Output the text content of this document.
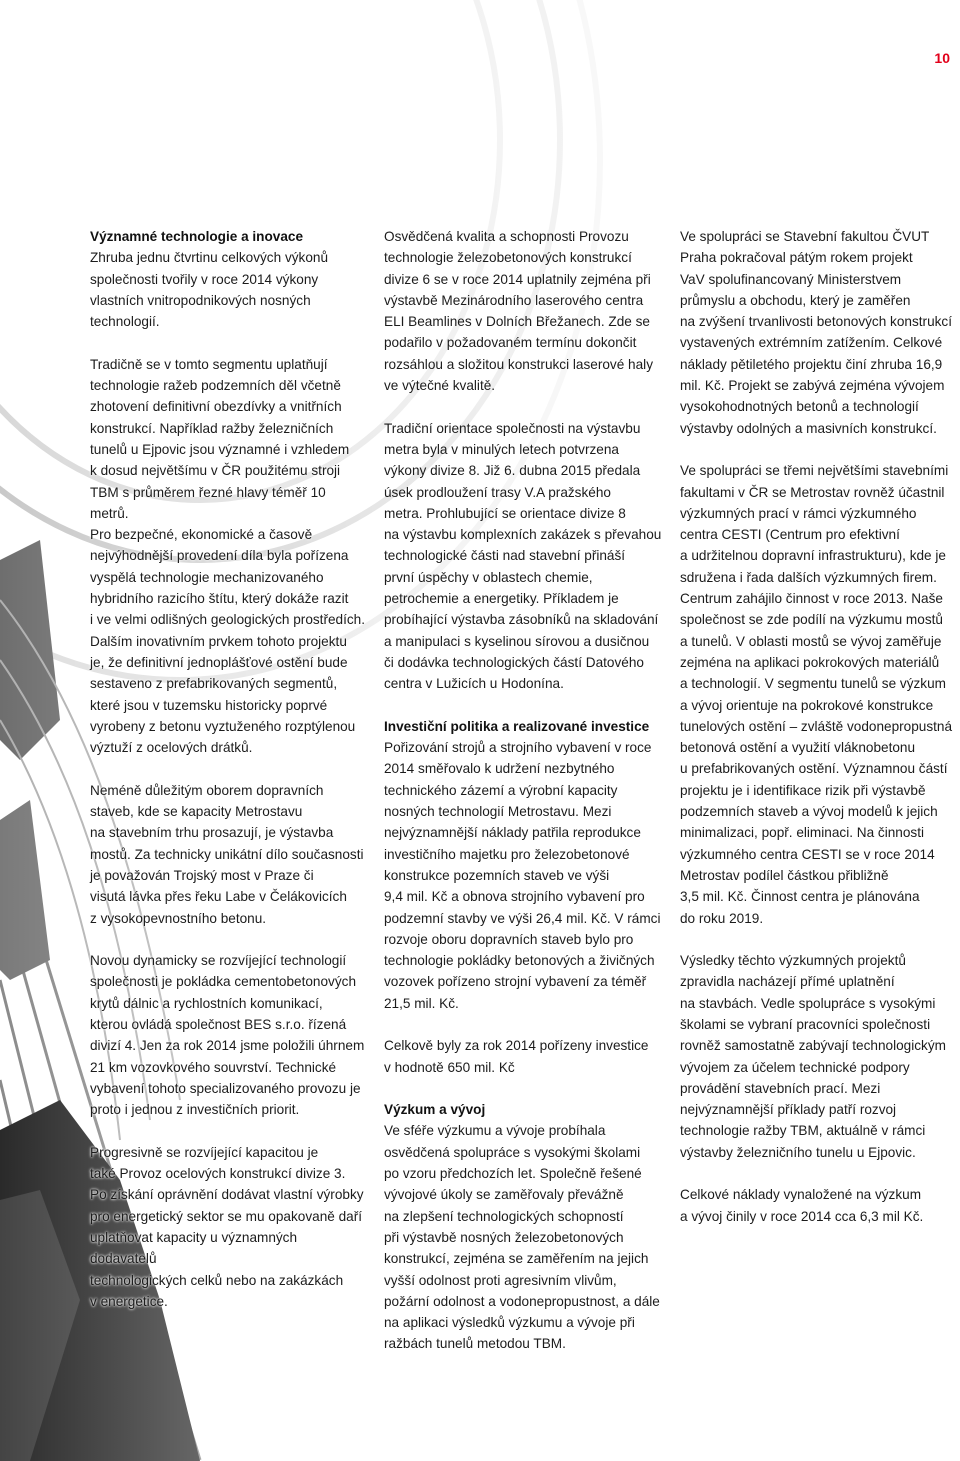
10
Významné technologie a inovace

Zhruba jednu čtvrtinu celkových výkonů
společnosti tvořily v roce 2014 výkony
vlastních vnitropodnikových nosných
technologií.

Tradičně se v tomto segmentu uplatňují
technologie ražeb podzemních děl včetně
zhotovení definitivní obezdívky a vnitřních
konstrukcí. Například ražby železničních
tunelů u Ejpovic jsou významné i vzhledem
k dosud největšímu v ČR použitému stroji
TBM s průměrem řezné hlavy téměř 10 metrů.
Pro bezpečné, ekonomické a časově
nejvýhodnější provedení díla byla pořízena
vyspělá technologie mechanizovaného
hybridního razicího štítu, který dokáže razit
i ve velmi odlišných geologických prostředích.
Dalším inovativním prvkem tohoto projektu
je, že definitivní jednoplášťové ostění bude
sestaveno z prefabrikovaných segmentů,
které jsou v tuzemsku historicky poprvé
vyrobeny z betonu vyztuženého rozptýlenou
výztuží z ocelových drátků.

Neméně důležitým oborem dopravních
staveb, kde se kapacity Metrostavu
na stavebním trhu prosazují, je výstavba
mostů. Za technicky unikátní dílo současnosti
je považován Trojský most v Praze či
visutá lávka přes řeku Labe v Čelákovicích
z vysokopevnostního betonu.

Novou dynamicky se rozvíjející technologií
společnosti je pokládka cementobetonových
krytů dálnic a rychlostních komunikací,
kterou ovládá společnost BES s.r.o. řízená
divizí 4. Jen za rok 2014 jsme položili úhrnem
21 km vozovkového souvrství. Technické
vybavení tohoto specializovaného provozu je
proto i jednou z investičních priorit.

Progresivně se rozvíjející kapacitou je
také Provoz ocelových konstrukcí divize 3.
Po získání oprávnění dodávat vlastní výrobky
pro energetický sektor se mu opakovaně daří
uplatňovat kapacity u významných dodavatelů
technologických celků nebo na zakázkách
v energetice.

Osvědčená kvalita a schopnosti Provozu
technologie železobetonových konstrukcí
divize 6 se v roce 2014 uplatnily zejména při
výstavbě Mezinárodního laserového centra
ELI Beamlines v Dolních Břežanech. Zde se
podařilo v požadovaném termínu dokončit
rozsáhlou a složitou konstrukci laserové haly
ve výtečné kvalitě.

Tradiční orientace společnosti na výstavbu
metra byla v minulých letech potvrzena
výkony divize 8. Již 6. dubna 2015 předala
úsek prodloužení trasy V.A pražského
metra. Prohlubující se orientace divize 8
na výstavbu komplexních zakázek s převahou
technologické části nad stavební přináší
první úspěchy v oblastech chemie,
petrochemie a energetiky. Příkladem je
probíhající výstavba zásobníků na skladování
a manipulaci s kyselinou sírovou a dusičnou
či dodávka technologických částí Datového
centra v Lužicích u Hodonína.

Investiční politika a realizované investice

Pořizování strojů a strojního vybavení v roce
2014 směřovalo k udržení nezbytného
technického zázemí a výrobní kapacity
nosných technologií Metrostavu. Mezi
nejvýznamnější náklady patřila reprodukce
investičního majetku pro železobetonové
konstrukce pozemních staveb ve výši
9,4 mil. Kč a obnova strojního vybavení pro
podzemní stavby ve výši 26,4 mil. Kč. V rámci
rozvoje oboru dopravních staveb bylo pro
technologie pokládky betonových a živičných
vozovek pořízeno strojní vybavení za téměř
21,5 mil. Kč.

Celkově byly za rok 2014 pořízeny investice
v hodnotě 650 mil. Kč

Výzkum a vývoj

Ve sféře výzkumu a vývoje probíhala
osvědčená spolupráce s vysokými školami
po vzoru předchozích let. Společně řešené
vývojové úkoly se zaměřovaly převážně
na zlepšení technologických schopností
při výstavbě nosných železobetonových
konstrukcí, zejména se zaměřením na jejich
vyšší odolnost proti agresivním vlivům,
požární odolnost a vodonepropustnost, a dále
na aplikaci výsledků výzkumu a vývoje při
ražbách tunelů metodou TBM.

Ve spolupráci se Stavební fakultou ČVUT
Praha pokračoval pátým rokem projekt
VaV spolufinancovaný Ministerstvem
průmyslu a obchodu, který je zaměřen
na zvýšení trvanlivosti betonových konstrukcí
vystavených extrémním zatížením. Celkové
náklady pětiletého projektu činí zhruba 16,9
mil. Kč. Projekt se zabývá zejména vývojem
vysokohodnotných betonů a technologií
výstavby odolných a masivních konstrukcí.

Ve spolupráci se třemi největšími stavebními
fakultami v ČR se Metrostav rovněž účastnil
výzkumných prací v rámci výzkumného
centra CESTI (Centrum pro efektivní
a udržitelnou dopravní infrastrukturu), kde je
sdružena i řada dalších výzkumných firem.
Centrum zahájilo činnost v roce 2013. Naše
společnost se zde podílí na výzkumu mostů
a tunelů. V oblasti mostů se vývoj zaměřuje
zejména na aplikaci pokrokových materiálů
a technologií. V segmentu tunelů se výzkum
a vývoj orientuje na pokrokové konstrukce
tunelových ostění – zvláště vodonepropustná
betonová ostění a využití vláknobetonu
u prefabrikovaných ostění. Významnou částí
projektu je i identifikace rizik při výstavbě
podzemních staveb a vývoj modelů k jejich
minimalizaci, popř. eliminaci. Na činnosti
výzkumného centra CESTI se v roce 2014
Metrostav podílel částkou přibližně
3,5 mil. Kč. Činnost centra je plánována
do roku 2019.

Výsledky těchto výzkumných projektů
zpravidla nacházejí přímé uplatnění
na stavbách. Vedle spolupráce s vysokými
školami se vybraní pracovníci společnosti
rovněž samostatně zabývají technologickým
vývojem za účelem technické podpory
provádění stavebních prací. Mezi
nejvýznamnější příklady patří rozvoj
technologie ražby TBM, aktuálně v rámci
výstavby železničního tunelu u Ejpovic.

Celkové náklady vynaložené na výzkum
a vývoj činily v roce 2014 cca 6,3 mil Kč.
